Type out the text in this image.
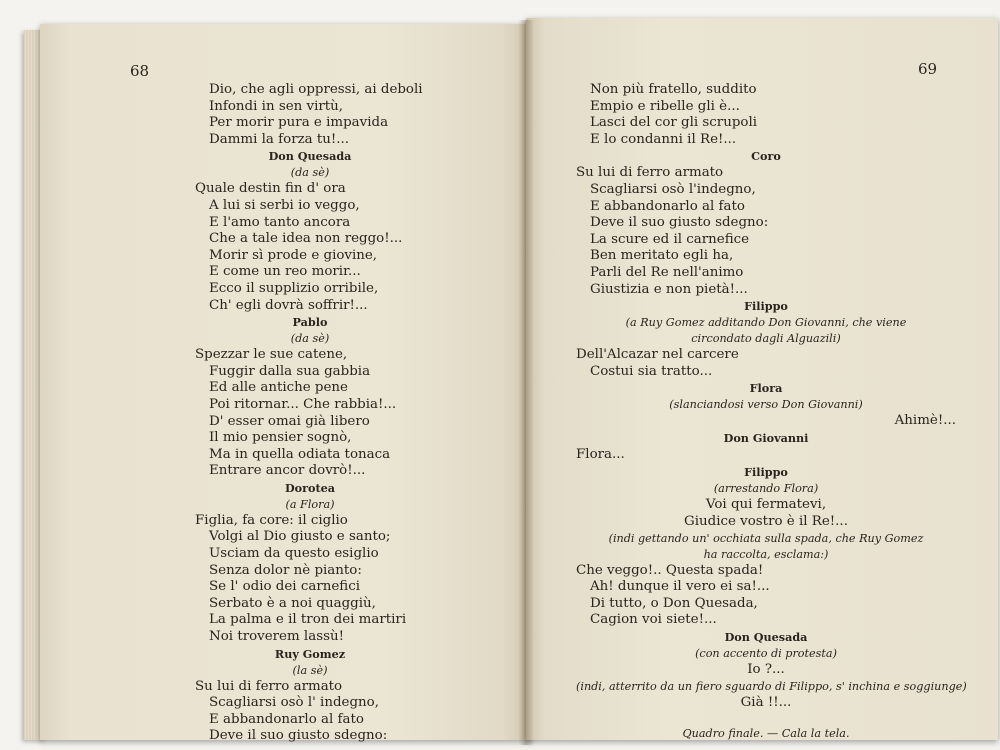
68
Dio, che agli oppressi, ai deboli
Infondi in sen virtù,
Per morir pura e impavida
Dammi la forza tu!...
Don Quesada
(da sè)
Quale destin fin d' ora
A lui si serbi io veggo,
E l'amo tanto ancora
Che a tale idea non reggo!...
Morir sì prode e giovine,
E come un reo morir...
Ecco il supplizio orribile,
Ch' egli dovrà soffrir!...
Pablo
(da sè)
Spezzar le sue catene,
Fuggir dalla sua gabbia
Ed alle antiche pene
Poi ritornar... Che rabbia!...
D' esser omai già libero
Il mio pensier sognò,
Ma in quella odiata tonaca
Entrare ancor dovrò!...
Dorotea
(a Flora)
Figlia, fa core: il ciglio
Volgi al Dio giusto e santo;
Usciam da questo esiglio
Senza dolor nè pianto:
Se l' odio dei carnefici
Serbato è a noi quaggiù,
La palma e il tron dei martiri
Noi troverem lassù!
Ruy Gomez
(la sè)
Su lui di ferro armato
Scagliarsi osò l' indegno,
E abbandonarlo al fato
Deve il suo giusto sdegno:
69
Non più fratello, suddito
Empio e ribelle gli è...
Lasci del cor gli scrupoli
E lo condanni il Re!...
Coro
Su lui di ferro armato
Scagliarsi osò l'indegno,
E abbandonarlo al fato
Deve il suo giusto sdegno:
La scure ed il carnefice
Ben meritato egli ha,
Parli del Re nell'animo
Giustizia e non pietà!...
Filippo
(a Ruy Gomez additando Don Giovanni, che viene
circondato dagli Alguazili)
Dell'Alcazar nel carcere
Costui sia tratto...
Flora
(slanciandosi verso Don Giovanni)
Ahimè!...
Don Giovanni
Flora...
Filippo
(arrestando Flora)
Voi qui fermatevi,
Giudice vostro è il Re!...
(indi gettando un' occhiata sulla spada, che Ruy Gomez
ha raccolta, esclama:)
Che veggo!.. Questa spada!
Ah! dunque il vero ei sa!...
Di tutto, o Don Quesada,
Cagion voi siete!...
Don Quesada
(con accento di protesta)
Io ?...
(indi, atterrito da un fiero sguardo di Filippo, s' inchina e soggiunge)
Già !!...
Quadro finale. — Cala la tela.
